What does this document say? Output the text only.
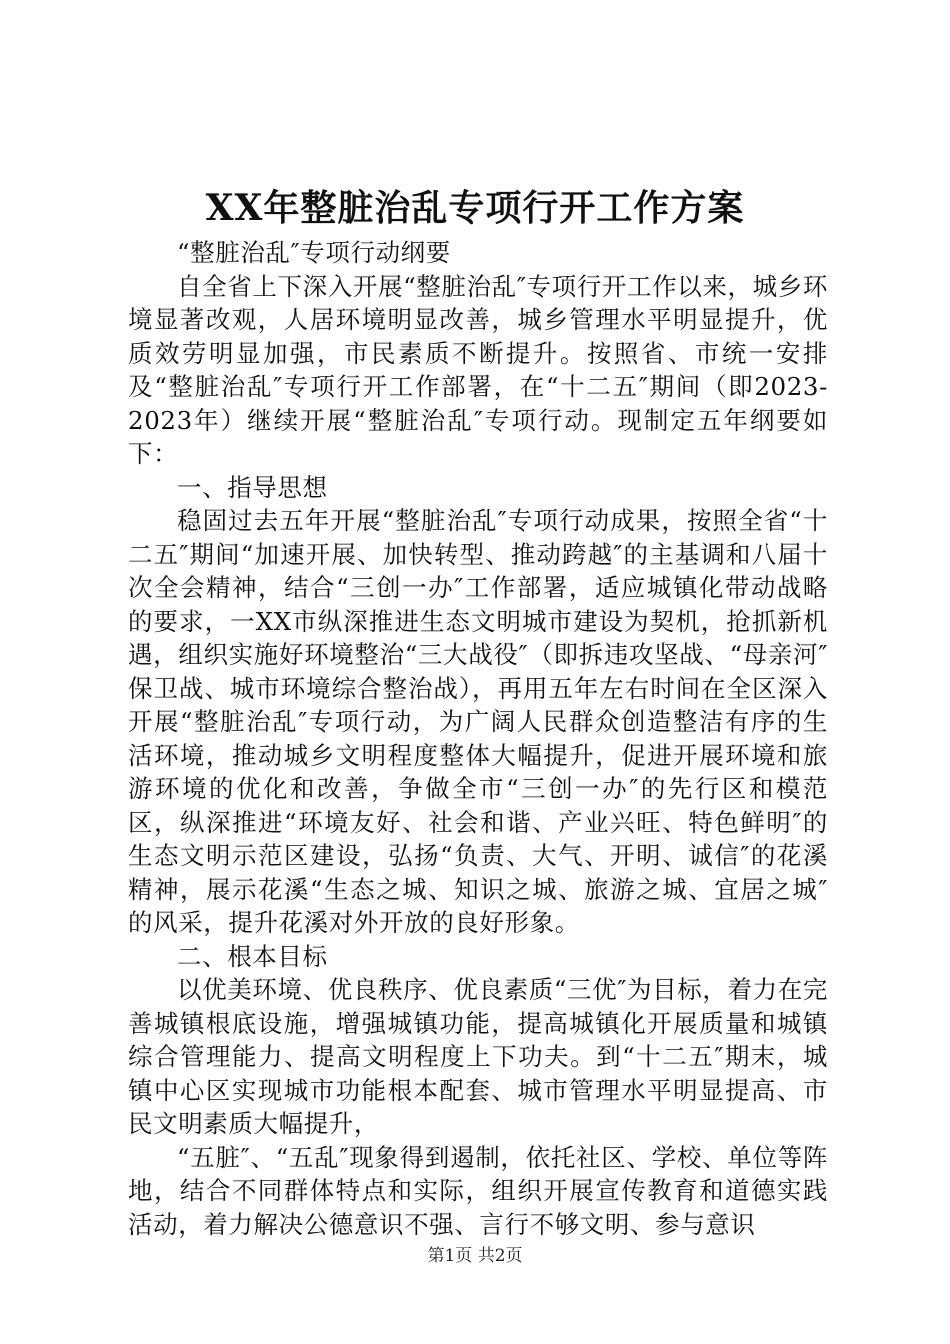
XX年整脏治乱专项行开工作方案

“整脏治乱″专项行动纲要

自全省上下深入开展“整脏治乱″专项行开工作以来，城乡环境显著改观，人居环境明显改善，城乡管理水平明显提升，优质效劳明显加强，市民素质不断提升。按照省、市统一安排及“整脏治乱″专项行开工作部署，在“十二五″期间（即2023-2023年）继续开展“整脏治乱″专项行动。现制定五年纲要如下：

一、指导思想

稳固过去五年开展“整脏治乱″专项行动成果，按照全省“十二五″期间“加速开展、加快转型、推动跨越″的主基调和八届十次全会精神，结合“三创一办″工作部署，适应城镇化带动战略的要求，一XX市纵深推进生态文明城市建设为契机，抢抓新机遇，组织实施好环境整治“三大战役″（即拆违攻坚战、“母亲河″保卫战、城市环境综合整治战），再用五年左右时间在全区深入开展“整脏治乱″专项行动，为广阔人民群众创造整洁有序的生活环境，推动城乡文明程度整体大幅提升，促进开展环境和旅游环境的优化和改善，争做全市“三创一办″的先行区和模范区，纵深推进“环境友好、社会和谐、产业兴旺、特色鲜明″的生态文明示范区建设，弘扬“负责、大气、开明、诚信″的花溪精神，展示花溪“生态之城、知识之城、旅游之城、宜居之城″的风采，提升花溪对外开放的良好形象。

二、根本目标

以优美环境、优良秩序、优良素质“三优″为目标，着力在完善城镇根底设施，增强城镇功能，提高城镇化开展质量和城镇综合管理能力、提高文明程度上下功夫。到“十二五″期末，城镇中心区实现城市功能根本配套、城市管理水平明显提高、市民文明素质大幅提升，

“五脏″、“五乱″现象得到遏制，依托社区、学校、单位等阵地，结合不同群体特点和实际，组织开展宣传教育和道德实践活动，着力解决公德意识不强、言行不够文明、参与意识

第1页 共2页
